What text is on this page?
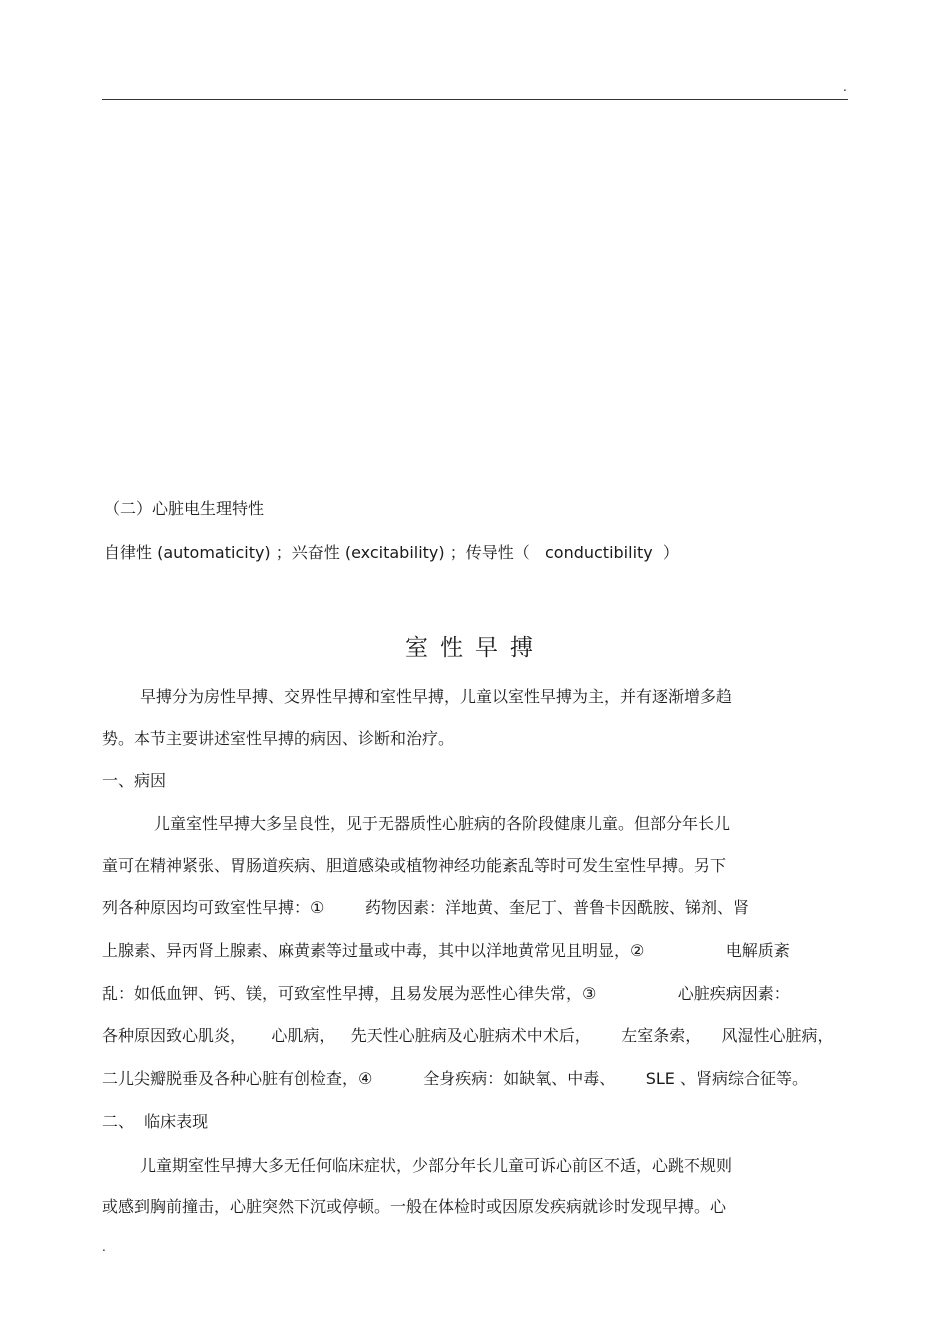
.
（二）心脏电生理特性
自律性 (automaticity) ；兴奋性 (excitability) ；传导性（   conductibility  ）
室性早搏
早搏分为房性早搏、交界性早搏和室性早搏，儿童以室性早搏为主，并有逐渐增多趋
势。本节主要讲述室性早搏的病因、诊断和治疗。
一、病因
儿童室性早搏大多呈良性，见于无器质性心脏病的各阶段健康儿童。但部分年长儿
童可在精神紧张、胃肠道疾病、胆道感染或植物神经功能紊乱等时可发生室性早搏。另下
列各种原因均可致室性早搏：①        药物因素：洋地黄、奎尼丁、普鲁卡因酰胺、锑剂、肾
上腺素、异丙肾上腺素、麻黄素等过量或中毒，其中以洋地黄常见且明显，②                电解质紊
乱：如低血钾、钙、镁，可致室性早搏，且易发展为恶性心律失常，③                心脏疾病因素：
各种原因致心肌炎，     心肌病，   先天性心脏病及心脏病术中术后，      左室条索，    风湿性心脏病，
二儿尖瓣脱垂及各种心脏有创检查，④          全身疾病：如缺氧、中毒、      SLE 、肾病综合征等。
二、  临床表现
儿童期室性早搏大多无任何临床症状，少部分年长儿童可诉心前区不适，心跳不规则
或感到胸前撞击，心脏突然下沉或停顿。一般在体检时或因原发疾病就诊时发现早搏。心
.
